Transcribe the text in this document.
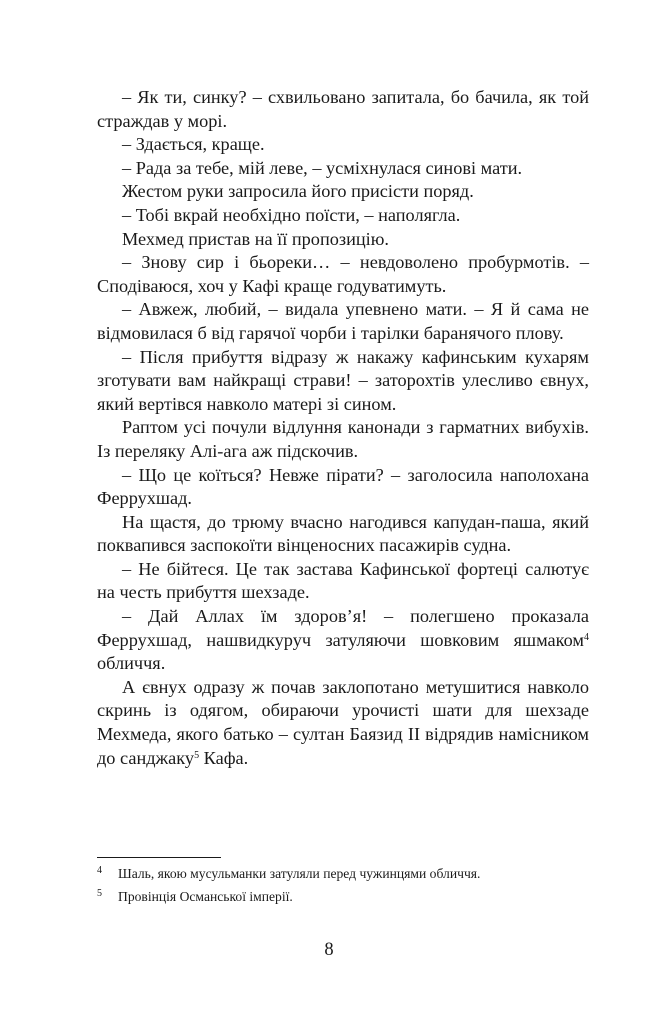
– Як ти, синку? – схвильовано запитала, бо бачила, як той страждав у морі.

– Здається, краще.

– Рада за тебе, мій леве, – усміхнулася синові мати.

Жестом руки запросила його присісти поряд.

– Тобі вкрай необхідно поїсти, – наполягла.

Мехмед пристав на її пропозицію.

– Знову сир і бьореки… – невдоволено пробурмотів. – Сподіваюся, хоч у Кафі краще годуватимуть.

– Авжеж, любий, – видала упевнено мати. – Я й сама не відмовилася б від гарячої чорби і тарілки баранячого плову.

– Після прибуття відразу ж накажу кафинським кухарям зготувати вам найкращі страви! – заторохтів улесливо євнух, який вертівся навколо матері зі сином.

Раптом усі почули відлуння канонади з гарматних вибухів. Із переляку Алі-ага аж підскочив.

– Що це коїться? Невже пірати? – заголосила наполохана Феррухшад.

На щастя, до трюму вчасно нагодився капудан-паша, який поквапився заспокоїти вінценосних пасажирів судна.

– Не бійтеся. Це так застава Кафинської фортеці салютує на честь прибуття шехзаде.

– Дай Аллах їм здоров’я! – полегшено проказала Феррухшад, нашвидкуруч затуляючи шовковим яшмаком$^4$ обличчя.

А євнух одразу ж почав заклопотано метушитися навколо скринь із одягом, обираючи урочисті шати для шехзаде Мехмеда, якого батько – султан Баязид II відрядив намісником до санджаку$^5$ Кафа.

4	Шаль, якою мусульманки затуляли перед чужинцями обличчя.
5	Провінція Османської імперії.
8
